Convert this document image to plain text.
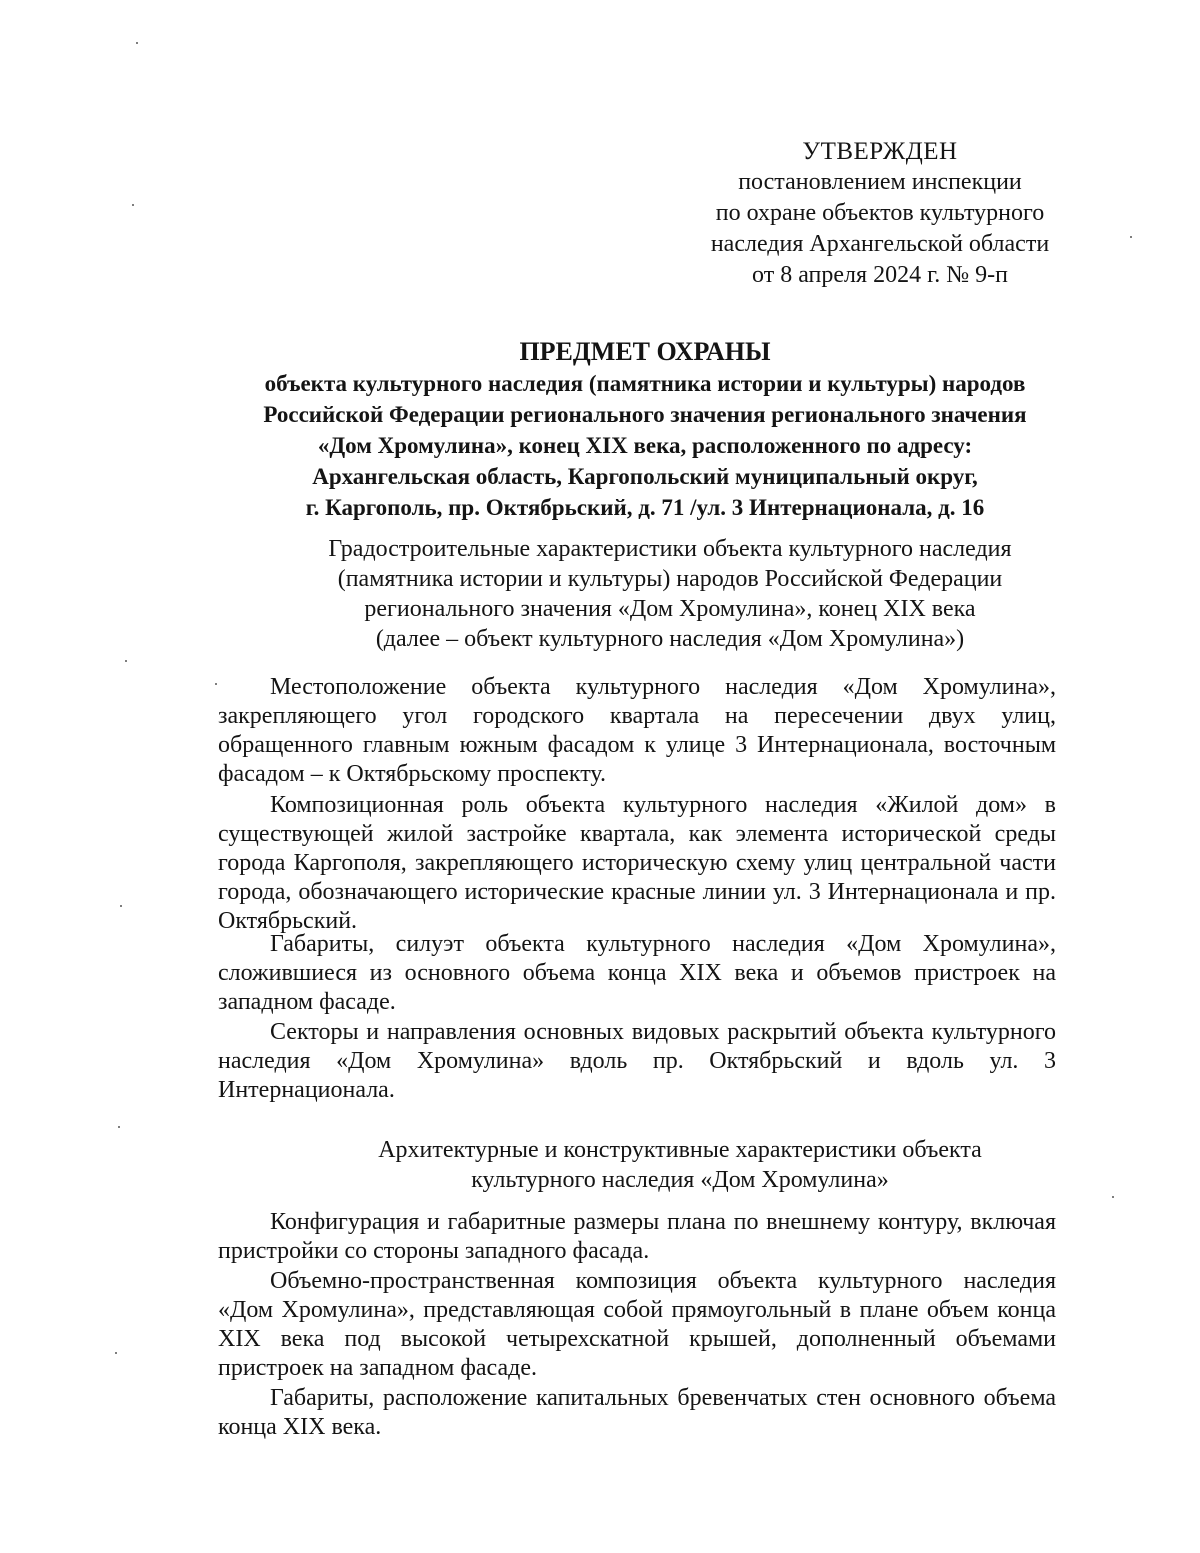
УТВЕРЖДЕН
постановлением инспекции
по охране объектов культурного
наследия Архангельской области
от 8 апреля 2024 г. № 9-п
ПРЕДМЕТ ОХРАНЫ
объекта культурного наследия (памятника истории и культуры) народов
Российской Федерации регионального значения регионального значения
«Дом Хромулина», конец XIX века, расположенного по адресу:
Архангельская область, Каргопольский муниципальный округ,
г. Каргополь, пр. Октябрьский, д. 71 /ул. 3 Интернационала, д. 16
Градостроительные характеристики объекта культурного наследия
(памятника истории и культуры) народов Российской Федерации
регионального значения «Дом Хромулина», конец XIX века
(далее – объект культурного наследия «Дом Хромулина»)

Местоположение объекта культурного наследия «Дом Хромулина», закрепляющего угол городского квартала на пересечении двух улиц, обращенного главным южным фасадом к улице 3 Интернационала, восточным фасадом – к Октябрьскому проспекту.

Композиционная роль объекта культурного наследия «Жилой дом» в существующей жилой застройке квартала, как элемента исторической среды города Каргополя, закрепляющего историческую схему улиц центральной части города, обозначающего исторические красные линии ул. 3 Интернационала и пр. Октябрьский.

Габариты, силуэт объекта культурного наследия «Дом Хромулина», сложившиеся из основного объема конца XIX века и объемов пристроек на западном фасаде.

Секторы и направления основных видовых раскрытий объекта культурного наследия «Дом Хромулина» вдоль пр. Октябрьский и вдоль ул. 3 Интернационала.

Архитектурные и конструктивные характеристики объекта
культурного наследия «Дом Хромулина»

Конфигурация и габаритные размеры плана по внешнему контуру, включая пристройки со стороны западного фасада.

Объемно-пространственная композиция объекта культурного наследия «Дом Хромулина», представляющая собой прямоугольный в плане объем конца XIX века под высокой четырехскатной крышей, дополненный объемами пристроек на западном фасаде.

Габариты, расположение капитальных бревенчатых стен основного объема конца XIX века.
